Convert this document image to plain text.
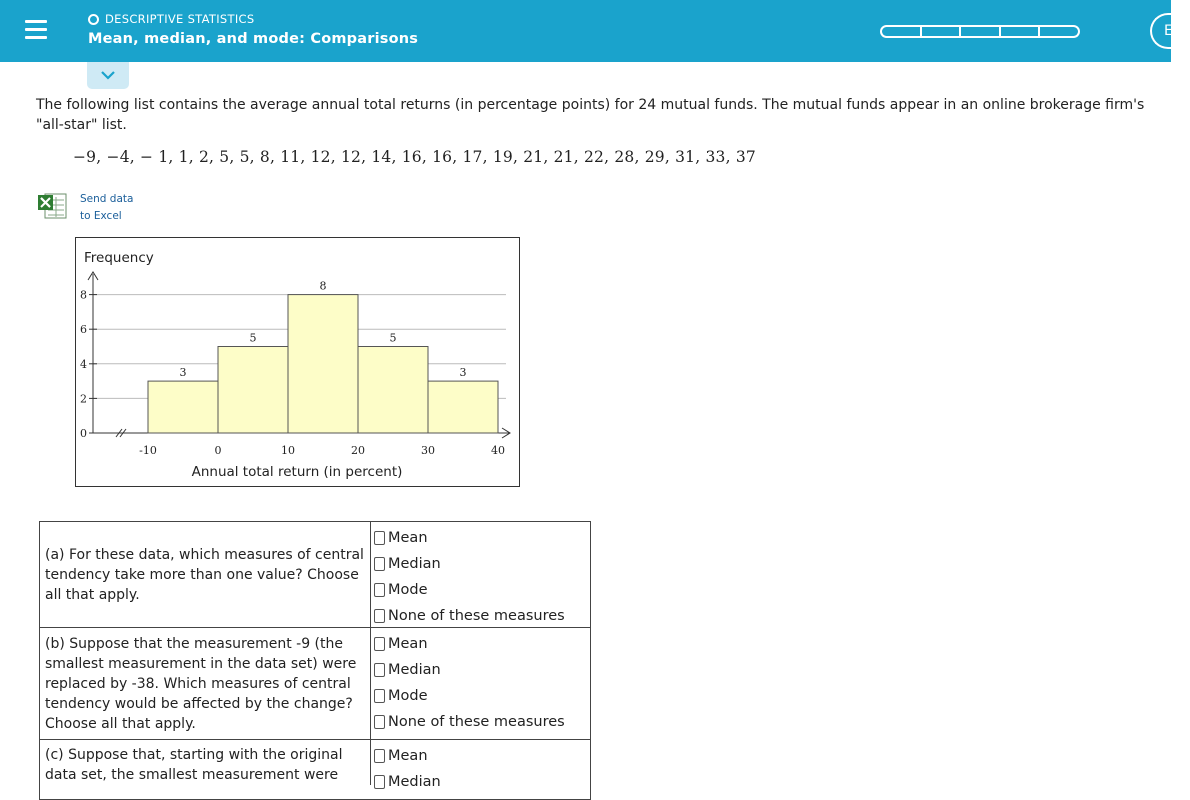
DESCRIPTIVE STATISTICS
Mean, median, and mode: Comparisons	E
The following list contains the average annual total returns (in percentage points) for 24 mutual funds. The mutual funds appear in an online brokerage firm's "all-star" list.
−9, −4, − 1, 1, 2, 5, 5, 8, 11, 12, 12, 14, 16, 16, 17, 19, 21, 21, 22, 28, 29, 31, 33, 37
Send data
to Excel
0
2
4
6
8
3
5
8
5
3
-10	0	10	20	30	40
Frequency
Annual total return (in percent)
(a) For these data, which measures of central tendency take more than one value? Choose all that apply.
Mean
Median
Mode
None of these measures
(b) Suppose that the measurement -9 (the smallest measurement in the data set) were replaced by -38. Which measures of central tendency would be affected by the change? Choose all that apply.
Mean
Median
Mode
None of these measures
(c) Suppose that, starting with the original data set, the smallest measurement were
Mean
Median
